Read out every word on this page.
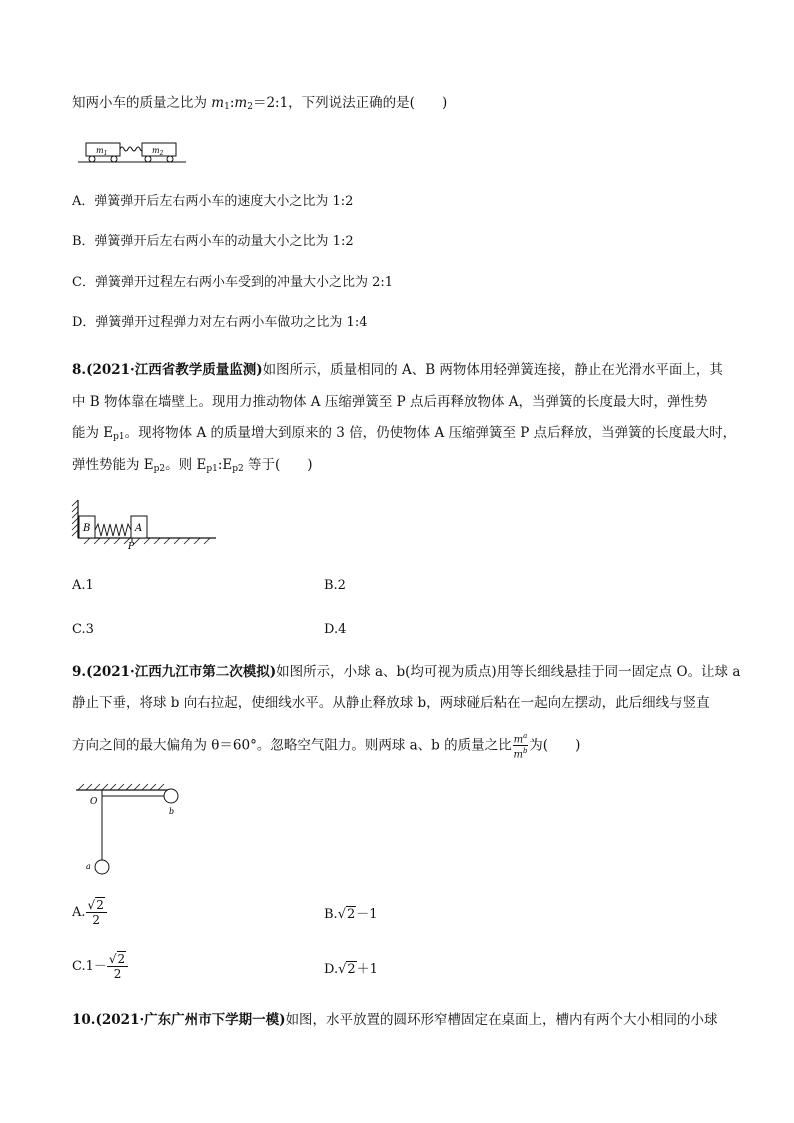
知两小车的质量之比为 $m_1:m_2=2:1$，下列说法正确的是(　　)
$m_1$	$m_2$
A．弹簧弹开后左右两小车的速度大小之比为 1:2
B．弹簧弹开后左右两小车的动量大小之比为 1:2
C．弹簧弹开过程左右两小车受到的冲量大小之比为 2:1
D．弹簧弹开过程弹力对左右两小车做功之比为 1:4
8.(2021·江西省教学质量监测)如图所示，质量相同的 A、B 两物体用轻弹簧连接，静止在光滑水平面上，其
中 B 物体靠在墙壁上。现用力推动物体 A 压缩弹簧至 P 点后再释放物体 A，当弹簧的长度最大时，弹性势
能为 $E_{p1}$。现将物体 A 的质量增大到原来的 3 倍，仍使物体 A 压缩弹簧至 P 点后释放，当弹簧的长度最大时，
弹性势能为 $E_{p2}$。则 $E_{p1}:E_{p2}$ 等于(　　)
B	A
P
A.1	B.2
C.3	D.4
9.(2021·江西九江市第二次模拟)如图所示，小球 a、b(均可视为质点)用等长细线悬挂于同一固定点 O。让球 a
静止下垂，将球 b 向右拉起，使细线水平。从静止释放球 b，两球碰后粘在一起向左摆动，此后细线与竖直
方向之间的最大偏角为 θ＝60°。忽略空气阻力。则两球 a、b 的质量之比 $\frac{m^a}{m^b}$ 为(　　)
O
b
a
A. $\frac{√2}{2}$	B.√2－1
$C.1- \frac{√2}{2}$	D.√2＋1
10.(2021·广东广州市下学期一模)如图，水平放置的圆环形窄槽固定在桌面上，槽内有两个大小相同的小球
